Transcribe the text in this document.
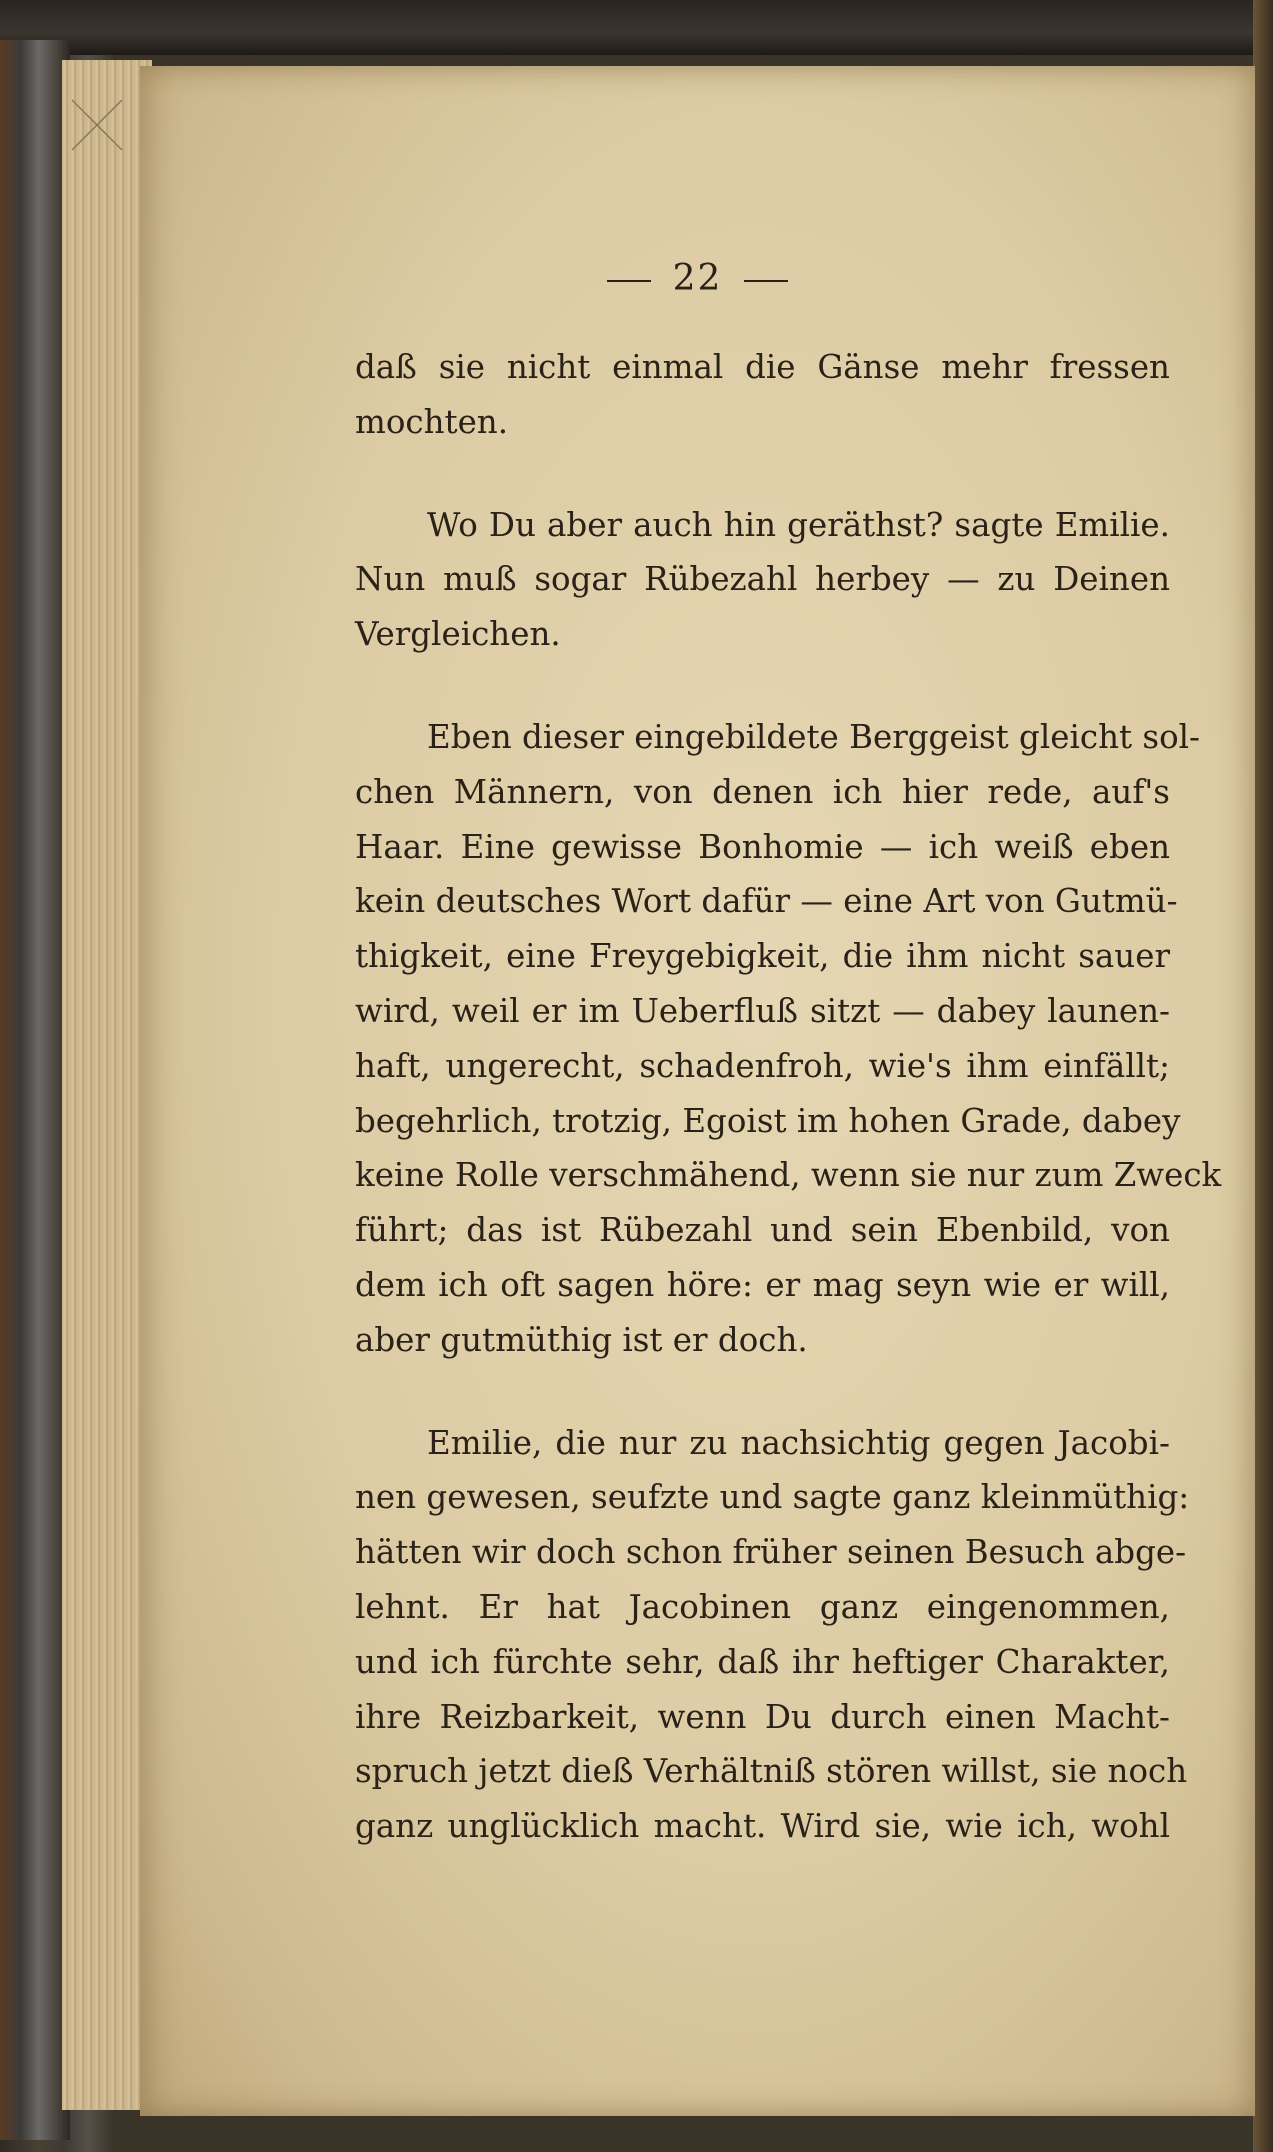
22
daß sie nicht einmal die Gänse mehr fressen
mochten.
Wo Du aber auch hin geräthst? sagte Emilie.
Nun muß sogar Rübezahl herbey — zu Deinen
Vergleichen.
Eben dieser eingebildete Berggeist gleicht sol-
chen Männern, von denen ich hier rede, auf's
Haar. Eine gewisse Bonhomie — ich weiß eben
kein deutsches Wort dafür — eine Art von Gutmü-
thigkeit, eine Freygebigkeit, die ihm nicht sauer
wird, weil er im Ueberfluß sitzt — dabey launen-
haft, ungerecht, schadenfroh, wie's ihm einfällt;
begehrlich, trotzig, Egoist im hohen Grade, dabey
keine Rolle verschmähend, wenn sie nur zum Zweck
führt; das ist Rübezahl und sein Ebenbild, von
dem ich oft sagen höre: er mag seyn wie er will,
aber gutmüthig ist er doch.
Emilie, die nur zu nachsichtig gegen Jacobi-
nen gewesen, seufzte und sagte ganz kleinmüthig:
hätten wir doch schon früher seinen Besuch abge-
lehnt. Er hat Jacobinen ganz eingenommen,
und ich fürchte sehr, daß ihr heftiger Charakter,
ihre Reizbarkeit, wenn Du durch einen Macht-
spruch jetzt dieß Verhältniß stören willst, sie noch
ganz unglücklich macht. Wird sie, wie ich, wohl
